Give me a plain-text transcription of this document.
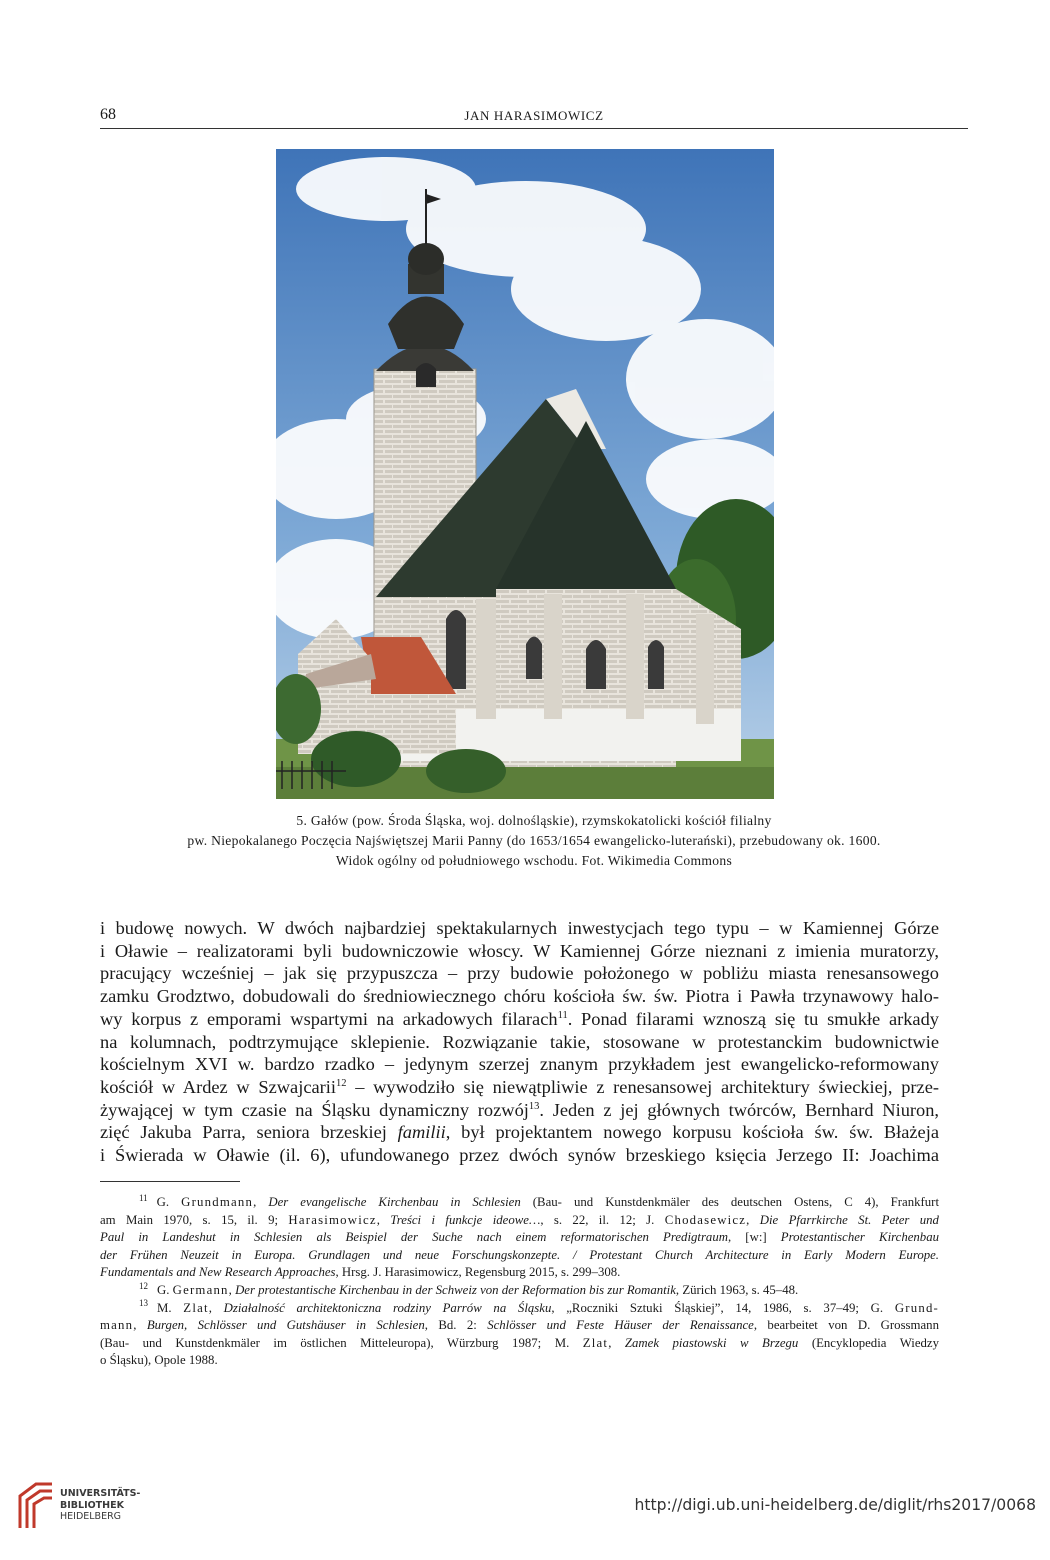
68	JAN HARASIMOWICZ
5. Gałów (pow. Środa Śląska, woj. dolnośląskie), rzymskokatolicki kościół filialny
pw. Niepokalanego Poczęcia Najświętszej Marii Panny (do 1653/1654 ewangelicko-luterański), przebudowany ok. 1600.
Widok ogólny od południowego wschodu. Fot. Wikimedia Commons
i budowę nowych. W dwóch najbardziej spektakularnych inwestycjach tego typu – w Kamiennej Górze
i Oławie – realizatorami byli budowniczowie włoscy. W Kamiennej Górze nieznani z imienia muratorzy,
pracujący wcześniej – jak się przypuszcza – przy budowie położonego w pobliżu miasta renesansowego
zamku Grodztwo, dobudowali do średniowiecznego chóru kościoła św. św. Piotra i Pawła trzynawowy halo-
wy korpus z emporami wspartymi na arkadowych filarach$^{11}$. Ponad filarami wznoszą się tu smukłe arkady
na kolumnach, podtrzymujące sklepienie. Rozwiązanie takie, stosowane w protestanckim budownictwie
kościelnym XVI w. bardzo rzadko – jedynym szerzej znanym przykładem jest ewangelicko-reformowany
kościół w Ardez w Szwajcarii$^{12}$ – wywodziło się niewątpliwie z renesansowej architektury świeckiej, prze-
żywającej w tym czasie na Śląsku dynamiczny rozwój$^{13}$. Jeden z jej głównych twórców, Bernhard Niuron,
zięć Jakuba Parra, seniora brzeskiej familii, był projektantem nowego korpusu kościoła św. św. Błażeja
i Świerada w Oławie (il. 6), ufundowanego przez dwóch synów brzeskiego księcia Jerzego II: Joachima
$^{11}$ G. Grundmann, Der evangelische Kirchenbau in Schlesien (Bau- und Kunstdenkmäler des deutschen Ostens, C 4), Frankfurt
am Main 1970, s. 15, il. 9; Harasimowicz, Treści i funkcje ideowe…, s. 22, il. 12; J. Chodasewicz, Die Pfarrkirche St. Peter und
Paul in Landeshut in Schlesien als Beispiel der Suche nach einem reformatorischen Predigtraum, [w:] Protestantischer Kirchenbau
der Frühen Neuzeit in Europa. Grundlagen und neue Forschungskonzepte. / Protestant Church Architecture in Early Modern Europe.
Fundamentals and New Research Approaches, Hrsg. J. Harasimowicz, Regensburg 2015, s. 299–308.
$^{12}$ G. Germann, Der protestantische Kirchenbau in der Schweiz von der Reformation bis zur Romantik, Zürich 1963, s. 45–48.
$^{13}$ M. Zlat, Działalność architektoniczna rodziny Parrów na Śląsku, „Roczniki Sztuki Śląskiej”, 14, 1986, s. 37–49; G. Grund-
mann, Burgen, Schlösser und Gutshäuser in Schlesien, Bd. 2: Schlösser und Feste Häuser der Renaissance, bearbeitet von D. Grossmann
(Bau- und Kunstdenkmäler im östlichen Mitteleuropa), Würzburg 1987; M. Zlat, Zamek piastowski w Brzegu (Encyklopedia Wiedzy
o Śląsku), Opole 1988.
UNIVERSITÄTS-
BIBLIOTHEK
HEIDELBERG
http://digi.ub.uni-heidelberg.de/diglit/rhs2017/0068
